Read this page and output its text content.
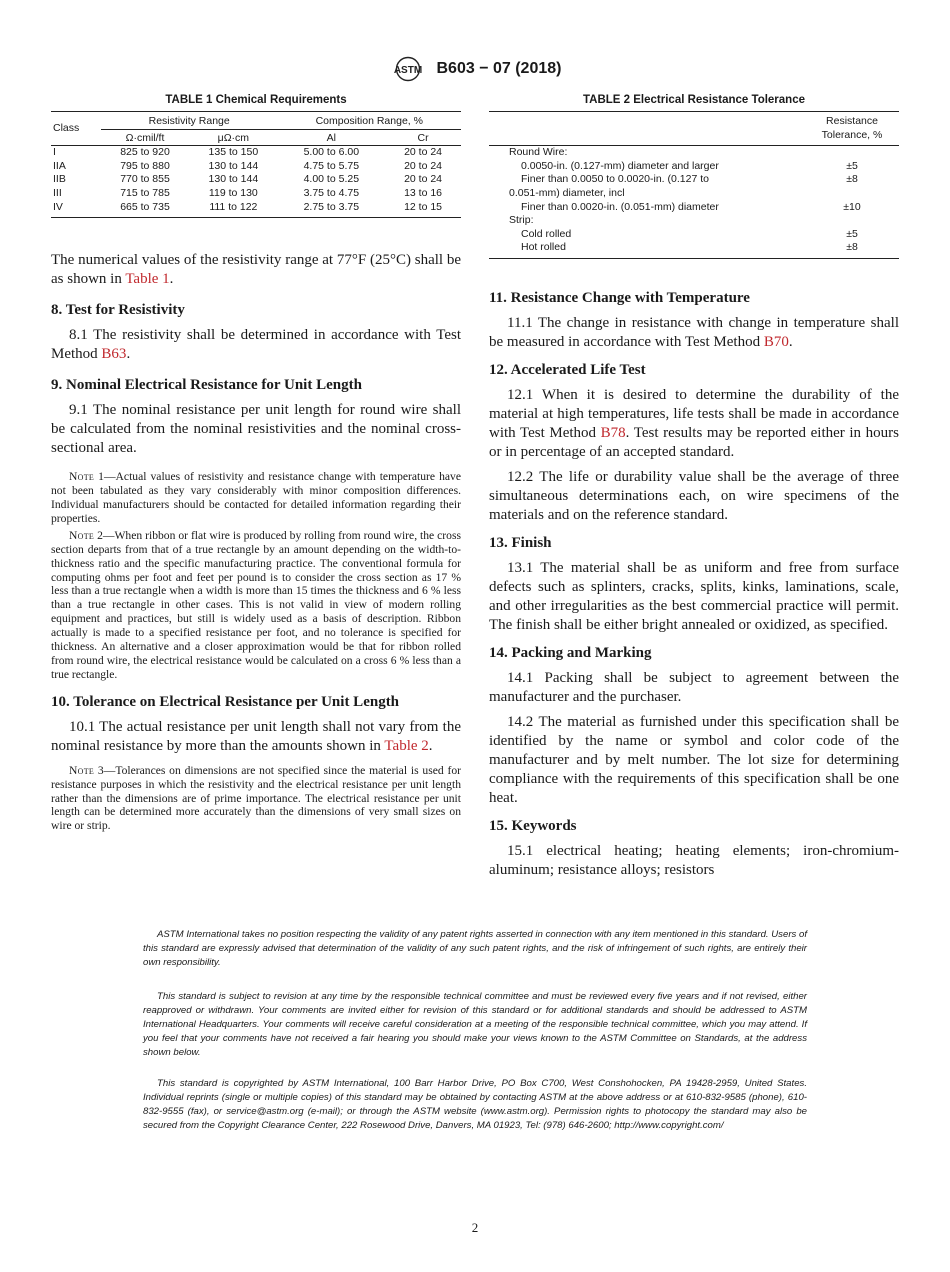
ASTM B603 − 07 (2018)
TABLE 1 Chemical Requirements
Class	Resistivity Range		Composition Range, %	
	Ω·cmil/ft	μΩ·cm	Al	Cr
I	825 to 920	135 to 150	5.00 to 6.00	20 to 24
IIA	795 to 880	130 to 144	4.75 to 5.75	20 to 24
IIB	770 to 855	130 to 144	4.00 to 5.25	20 to 24
III	715 to 785	119 to 130	3.75 to 4.75	13 to 16
IV	665 to 735	111 to 122	2.75 to 3.75	12 to 15

The numerical values of the resistivity range at 77°F (25°C) shall be as shown in Table 1.

8. Test for Resistivity

8.1 The resistivity shall be determined in accordance with Test Method B63.

9. Nominal Electrical Resistance for Unit Length

9.1 The nominal resistance per unit length for round wire shall be calculated from the nominal resistivities and the nominal cross-sectional area.

Note 1—Actual values of resistivity and resistance change with temperature have not been tabulated as they vary considerably with minor composition differences. Individual manufacturers should be contacted for detailed information regarding their properties.

Note 2—When ribbon or flat wire is produced by rolling from round wire, the cross section departs from that of a true rectangle by an amount depending on the width-to-thickness ratio and the specific manufacturing practice. The conventional formula for computing ohms per foot and feet per pound is to consider the cross section as 17 % less than a true rectangle when a width is more than 15 times the thickness and 6 % less than a true rectangle in other cases. This is not valid in view of modern rolling equipment and practices, but still is widely used as a basis of description. Ribbon actually is made to a specified resistance per foot, and no tolerance is specified for thickness. An alternative and a closer approximation would be that for ribbon rolled from round wire, the electrical resistance would be calculated on a cross 6 % less than a true rectangle.

10. Tolerance on Electrical Resistance per Unit Length

10.1 The actual resistance per unit length shall not vary from the nominal resistance by more than the amounts shown in Table 2.

Note 3—Tolerances on dimensions are not specified since the material is used for resistance purposes in which the resistivity and the electrical resistance per unit length rather than the dimensions are of prime importance. The electrical resistance per unit length can be determined more accurately than the dimensions of very small sizes on wire or strip.

TABLE 2 Electrical Resistance Tolerance
	Resistance
Tolerance, %
Round Wire:	
0.0050-in. (0.127-mm) diameter and larger	±5
Finer than 0.0050 to 0.0020-in. (0.127 to	±8
0.051-mm) diameter, incl	
Finer than 0.0020-in. (0.051-mm) diameter	±10
Strip:	
Cold rolled	±5
Hot rolled	±8

11. Resistance Change with Temperature

11.1 The change in resistance with change in temperature shall be measured in accordance with Test Method B70.

12. Accelerated Life Test

12.1 When it is desired to determine the durability of the material at high temperatures, life tests shall be made in accordance with Test Method B78. Test results may be reported either in hours or in percentage of an accepted standard.

12.2 The life or durability value shall be the average of three simultaneous determinations each, on wire specimens of the materials and on the reference standard.

13. Finish

13.1 The material shall be as uniform and free from surface defects such as splinters, cracks, splits, kinks, laminations, scale, and other irregularities as the best commercial practice will permit. The finish shall be either bright annealed or oxidized, as specified.

14. Packing and Marking

14.1 Packing shall be subject to agreement between the manufacturer and the purchaser.

14.2 The material as furnished under this specification shall be identified by the name or symbol and color code of the manufacturer and by melt number. The lot size for determining compliance with the requirements of this specification shall be one heat.

15. Keywords

15.1 electrical heating; heating elements; iron-chromium-aluminum; resistance alloys; resistors

ASTM International takes no position respecting the validity of any patent rights asserted in connection with any item mentioned in this standard. Users of this standard are expressly advised that determination of the validity of any such patent rights, and the risk of infringement of such rights, are entirely their own responsibility.

This standard is subject to revision at any time by the responsible technical committee and must be reviewed every five years and if not revised, either reapproved or withdrawn. Your comments are invited either for revision of this standard or for additional standards and should be addressed to ASTM International Headquarters. Your comments will receive careful consideration at a meeting of the responsible technical committee, which you may attend. If you feel that your comments have not received a fair hearing you should make your views known to the ASTM Committee on Standards, at the address shown below.

This standard is copyrighted by ASTM International, 100 Barr Harbor Drive, PO Box C700, West Conshohocken, PA 19428-2959, United States. Individual reprints (single or multiple copies) of this standard may be obtained by contacting ASTM at the above address or at 610-832-9585 (phone), 610-832-9555 (fax), or service@astm.org (e-mail); or through the ASTM website (www.astm.org). Permission rights to photocopy the standard may also be secured from the Copyright Clearance Center, 222 Rosewood Drive, Danvers, MA 01923, Tel: (978) 646-2600; http://www.copyright.com/

2
